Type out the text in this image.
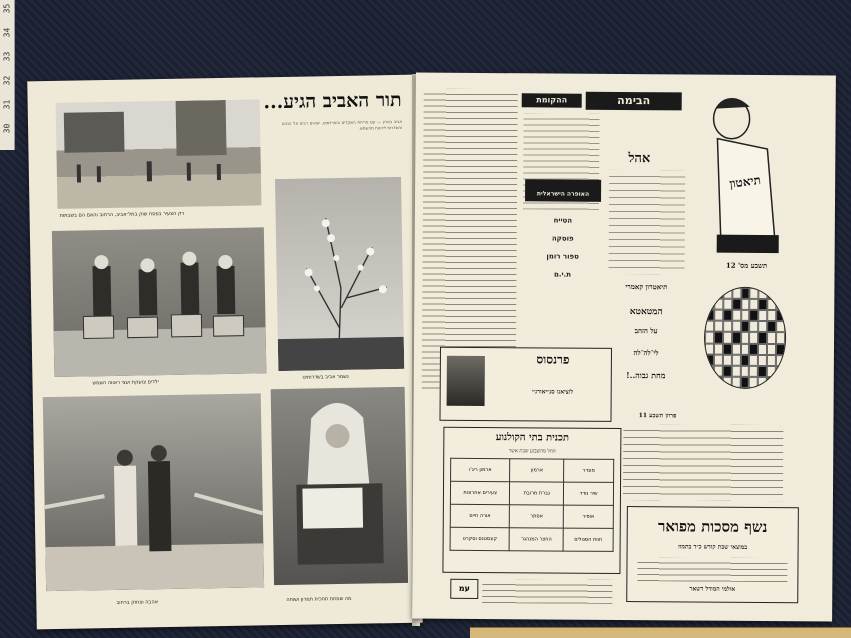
35
34
33
32
31
30
תור האביב הגיע...
אביב בארץ — עם פריחת השקדים והפרדסים, יוצאים רבים אל הגנים והשדרות ליהנות מהשמש.
רק הצעיר בפסח שוק בתל־אביב, הרחוב והאם הם בשבתות
נשמר אביב בשדרותינו
ילדים צועקת ועצי ראווה השמש
אהבה וצחוק ברחוב	מה שמחת תחכית תמרון ושוחה
הבימה
ההקומת
האופרה הישראלית
אהל
הטייח
פוסקה
ספור רומן
ת.י.ם
תיאטרון קאמרי
המטאטא
על הזהב
לי־לה־לה
מחת גבוה..!
תיאטון
תשבע מס' 12
פרוזן תשבע 11
פרנסוס
לוציאנו סנ״יאורג׳י
תכנית בתי הקולנוע
החל מהשבוע שבת אשר
מוגדר	ארמון	ארמון ריג'ו
שיר נודד	גברת מרובת	צעירים אחרונות
אופיר	אסתר	אורה חיים
חוות הסגולים	החצר המנהגר	קונסטנס וסקרט
נשף מסכות מפואר
במוצאי שבת קודש כ״ד בתמוז
אולמי המודל דשאר
עמ
